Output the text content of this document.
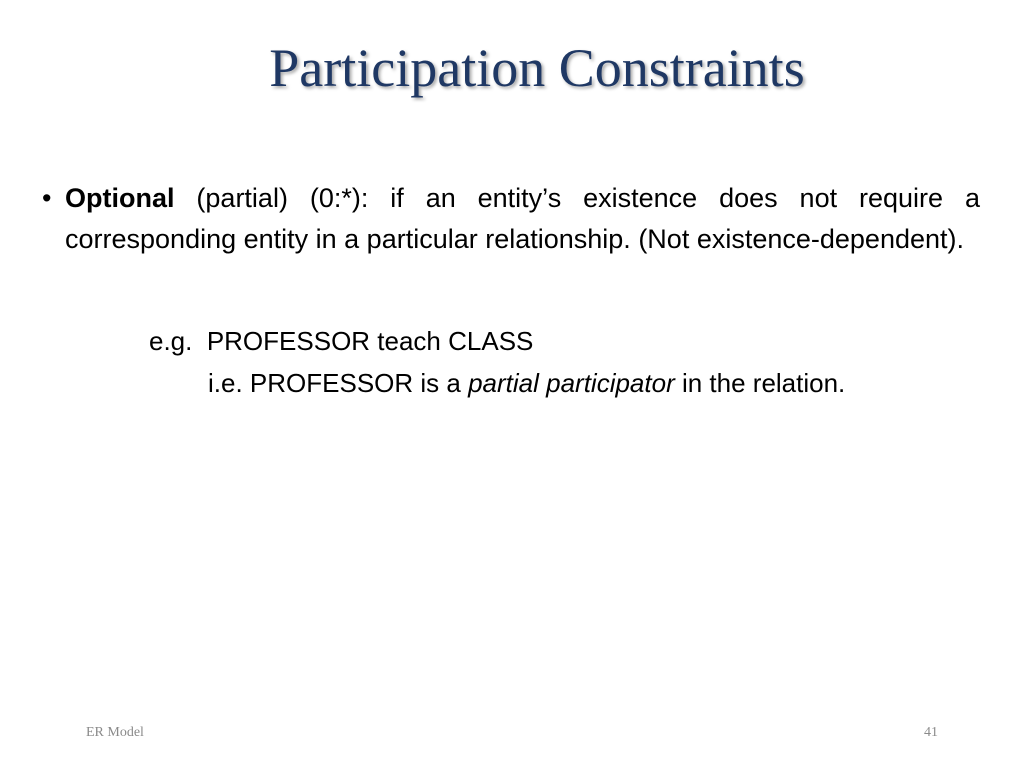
Participation Constraints
• Optional (partial) (0:*): if an entity’s existence does not require a corresponding entity in a particular relationship. (Not existence-dependent).
e.g.  PROFESSOR teach CLASS
i.e. PROFESSOR is a partial participator in the relation.
ER Model	41
